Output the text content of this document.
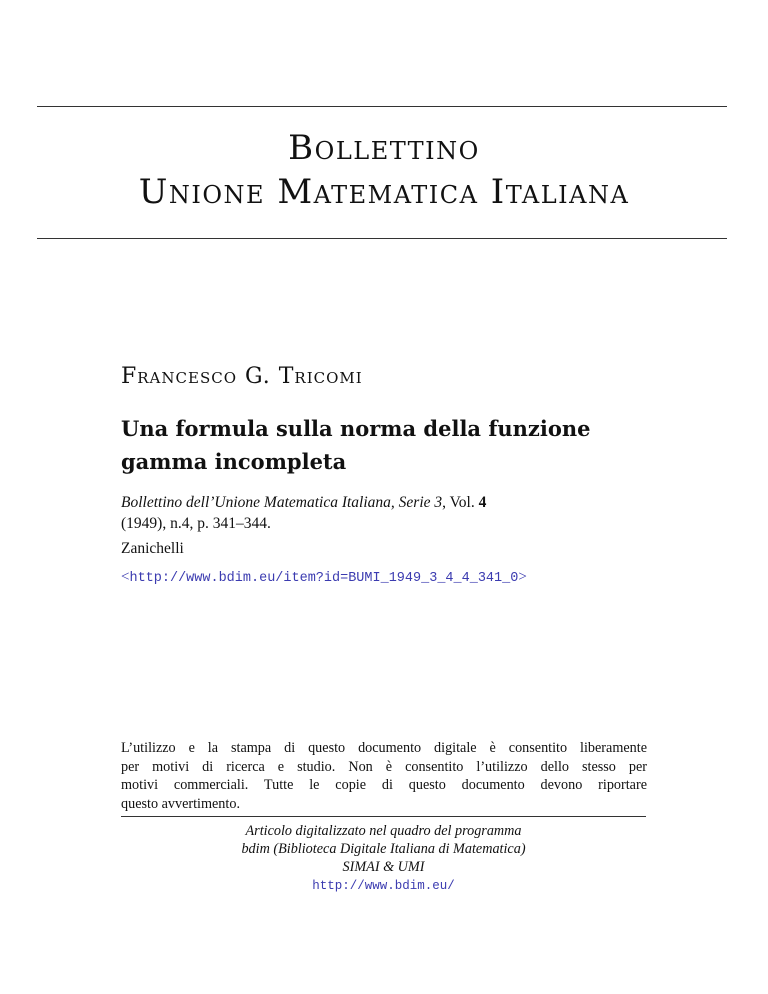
Bollettino
Unione Matematica Italiana
Francesco G. Tricomi
Una formula sulla norma della funzione
gamma incompleta
Bollettino dell’Unione Matematica Italiana, Serie 3, Vol. 4
(1949), n.4, p. 341–344.
Zanichelli
<http://www.bdim.eu/item?id=BUMI_1949_3_4_4_341_0>
L’utilizzo e la stampa di questo documento digitale è consentito liberamente
per motivi di ricerca e studio. Non è consentito l’utilizzo dello stesso per
motivi commerciali. Tutte le copie di questo documento devono riportare
questo avvertimento.
Articolo digitalizzato nel quadro del programma
bdim (Biblioteca Digitale Italiana di Matematica)
SIMAI & UMI
http://www.bdim.eu/
